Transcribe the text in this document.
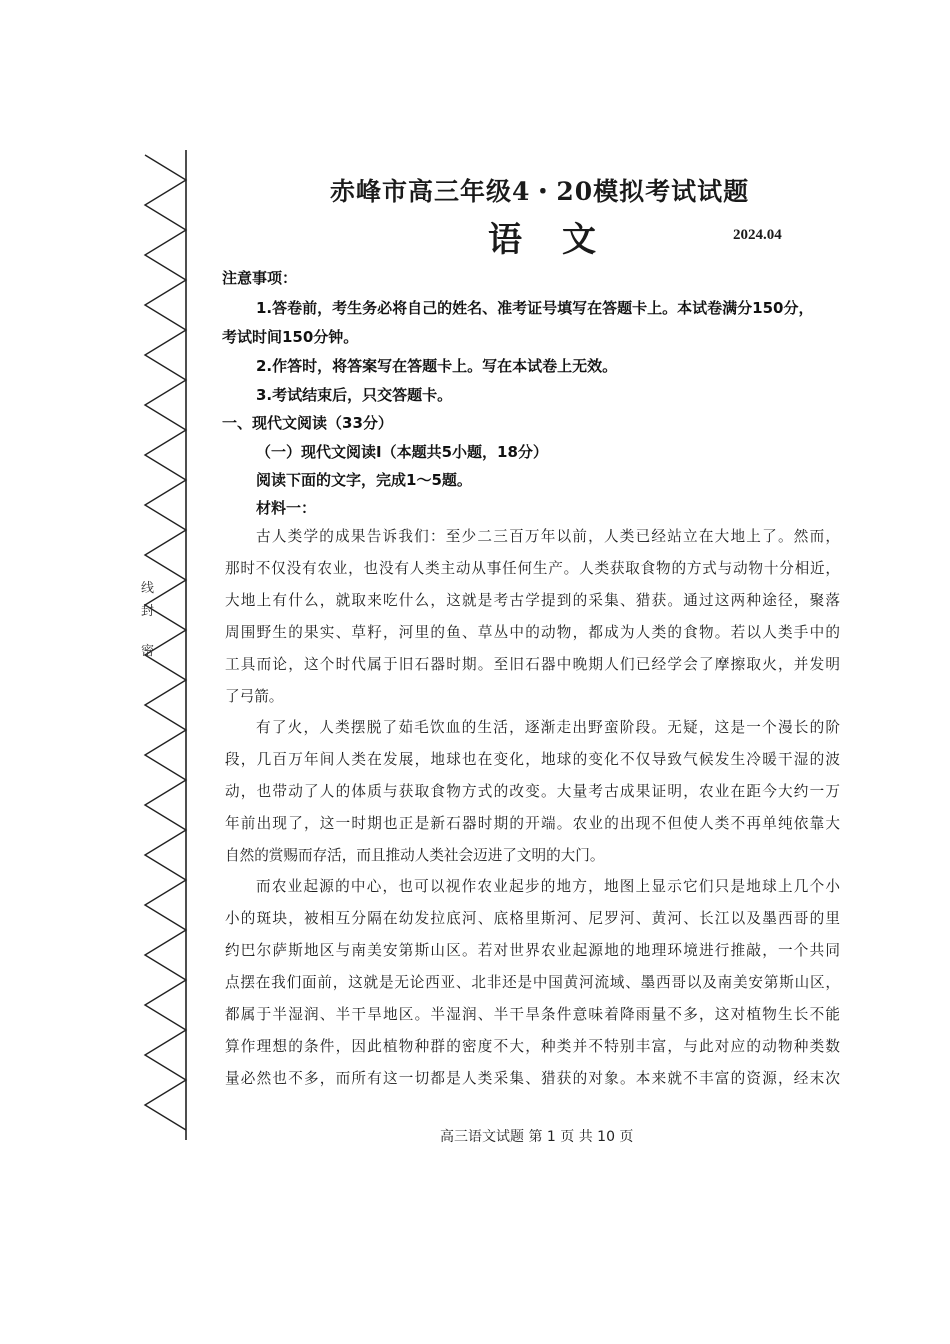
线
封
密
赤峰市高三年级4・20模拟考试试题
语文	2024.04
注意事项：
1.答卷前，考生务必将自己的姓名、准考证号填写在答题卡上。本试卷满分150分，
考试时间150分钟。
2.作答时，将答案写在答题卡上。写在本试卷上无效。
3.考试结束后，只交答题卡。
一、现代文阅读（33分）
（一）现代文阅读Ⅰ（本题共5小题，18分）
阅读下面的文字，完成1～5题。
材料一：
古人类学的成果告诉我们：至少二三百万年以前，人类已经站立在大地上了。然而，
那时不仅没有农业，也没有人类主动从事任何生产。人类获取食物的方式与动物十分相近，
大地上有什么，就取来吃什么，这就是考古学提到的采集、猎获。通过这两种途径，聚落
周围野生的果实、草籽，河里的鱼、草丛中的动物，都成为人类的食物。若以人类手中的
工具而论，这个时代属于旧石器时期。至旧石器中晚期人们已经学会了摩擦取火，并发明
了弓箭。
有了火，人类摆脱了茹毛饮血的生活，逐渐走出野蛮阶段。无疑，这是一个漫长的阶
段，几百万年间人类在发展，地球也在变化，地球的变化不仅导致气候发生冷暖干湿的波
动，也带动了人的体质与获取食物方式的改变。大量考古成果证明，农业在距今大约一万
年前出现了，这一时期也正是新石器时期的开端。农业的出现不但使人类不再单纯依靠大
自然的赏赐而存活，而且推动人类社会迈进了文明的大门。
而农业起源的中心，也可以视作农业起步的地方，地图上显示它们只是地球上几个小
小的斑块，被相互分隔在幼发拉底河、底格里斯河、尼罗河、黄河、长江以及墨西哥的里
约巴尔萨斯地区与南美安第斯山区。若对世界农业起源地的地理环境进行推敲，一个共同
点摆在我们面前，这就是无论西亚、北非还是中国黄河流域、墨西哥以及南美安第斯山区，
都属于半湿润、半干旱地区。半湿润、半干旱条件意味着降雨量不多，这对植物生长不能
算作理想的条件，因此植物种群的密度不大，种类并不特别丰富，与此对应的动物种类数
量必然也不多，而所有这一切都是人类采集、猎获的对象。本来就不丰富的资源，经末次
高三语文试题 第 1 页 共 10 页
